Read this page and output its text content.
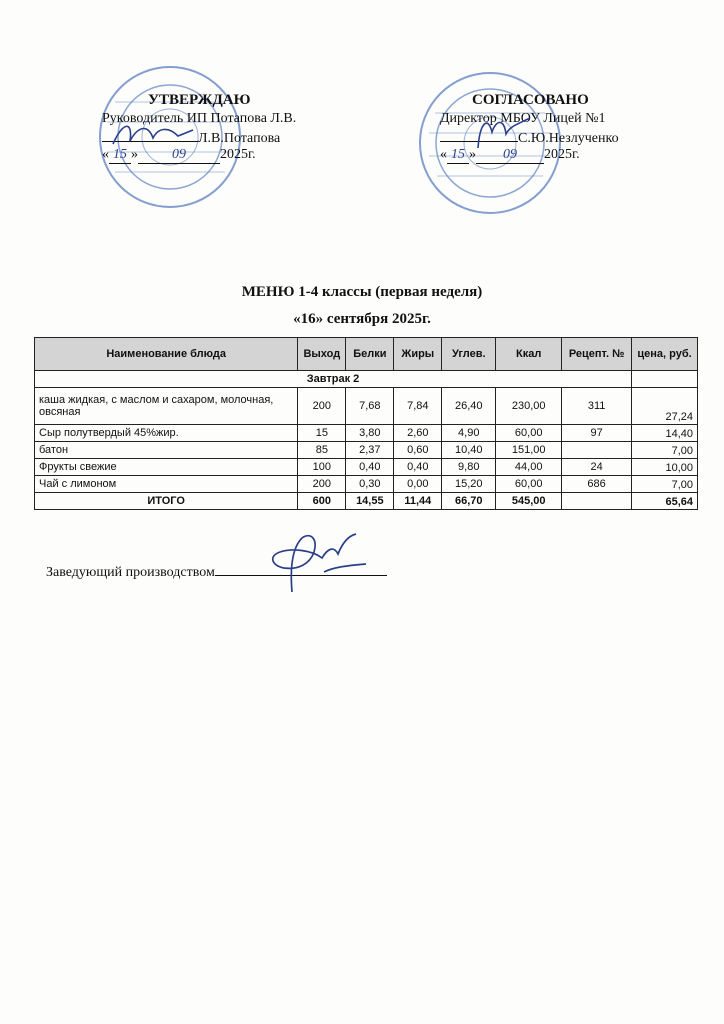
УТВЕРЖДАЮ
Руководитель ИП Потапова Л.В.
Л.В.Потапова
« 15 » 09 2025г.
СОГЛАСОВАНО
Директор МБОУ Лицей №1
С.Ю.Незлученко
« 15 » 09 2025г.
МЕНЮ 1-4 классы (первая неделя)
«16» сентября 2025г.
Наименование блюда	Выход	Белки	Жиры	Углев.	Ккал	Рецепт. №	цена, руб.
Завтрак 2							
каша жидкая, с маслом и сахаром, молочная, овсяная	200	7,68	7,84	26,40	230,00	311	27,24
Сыр полутвердый 45%жир.	15	3,80	2,60	4,90	60,00	97	14,40
батон	85	2,37	0,60	10,40	151,00		7,00
Фрукты свежие	100	0,40	0,40	9,80	44,00	24	10,00
Чай с лимоном	200	0,30	0,00	15,20	60,00	686	7,00
ИТОГО	600	14,55	11,44	66,70	545,00		65,64
Заведующий производством
